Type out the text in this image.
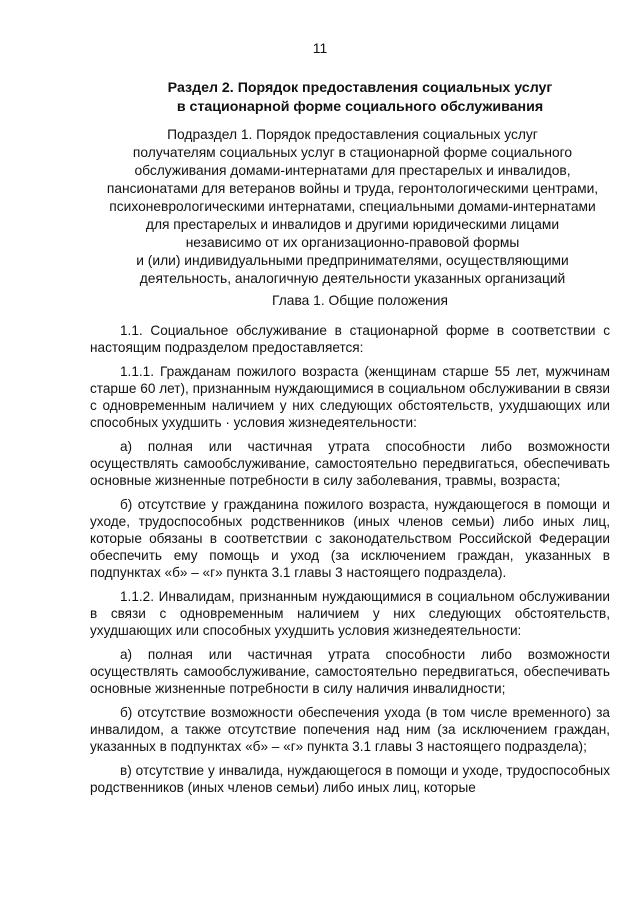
11
Раздел 2. Порядок предоставления социальных услуг
в стационарной форме социального обслуживания
Подраздел 1. Порядок предоставления социальных услуг
получателям социальных услуг в стационарной форме социального
обслуживания домами-интернатами для престарелых и инвалидов,
пансионатами для ветеранов войны и труда, геронтологическими центрами,
психоневрологическими интернатами, специальными домами-интернатами
для престарелых и инвалидов и другими юридическими лицами
независимо от их организационно-правовой формы
и (или) индивидуальными предпринимателями, осуществляющими
деятельность, аналогичную деятельности указанных организаций
Глава 1. Общие положения

1.1. Социальное обслуживание в стационарной форме в соответствии с настоящим подразделом предоставляется:

1.1.1. Гражданам пожилого возраста (женщинам старше 55 лет, мужчинам старше 60 лет), признанным нуждающимися в социальном обслуживании в связи с одновременным наличием у них следующих обстоятельств, ухудшающих или способных ухудшить · условия жизнедеятельности:

а) полная или частичная утрата способности либо возможности осуществлять самообслуживание, самостоятельно передвигаться, обеспечивать основные жизненные потребности в силу заболевания, травмы, возраста;

б) отсутствие у гражданина пожилого возраста, нуждающегося в помощи и уходе, трудоспособных родственников (иных членов семьи) либо иных лиц, которые обязаны в соответствии с законодательством Российской Федерации обеспечить ему помощь и уход (за исключением граждан, указанных в подпунктах «б» – «г» пункта 3.1 главы 3 настоящего подраздела).

1.1.2. Инвалидам, признанным нуждающимися в социальном обслуживании в связи с одновременным наличием у них следующих обстоятельств, ухудшающих или способных ухудшить условия жизнедеятельности:

а) полная или частичная утрата способности либо возможности осуществлять самообслуживание, самостоятельно передвигаться, обеспечивать основные жизненные потребности в силу наличия инвалидности;

б) отсутствие возможности обеспечения ухода (в том числе временного) за инвалидом, а также отсутствие попечения над ним (за исключением граждан, указанных в подпунктах «б» – «г» пункта 3.1 главы 3 настоящего подраздела);

в) отсутствие у инвалида, нуждающегося в помощи и уходе, трудоспособных родственников (иных членов семьи) либо иных лиц, которые
